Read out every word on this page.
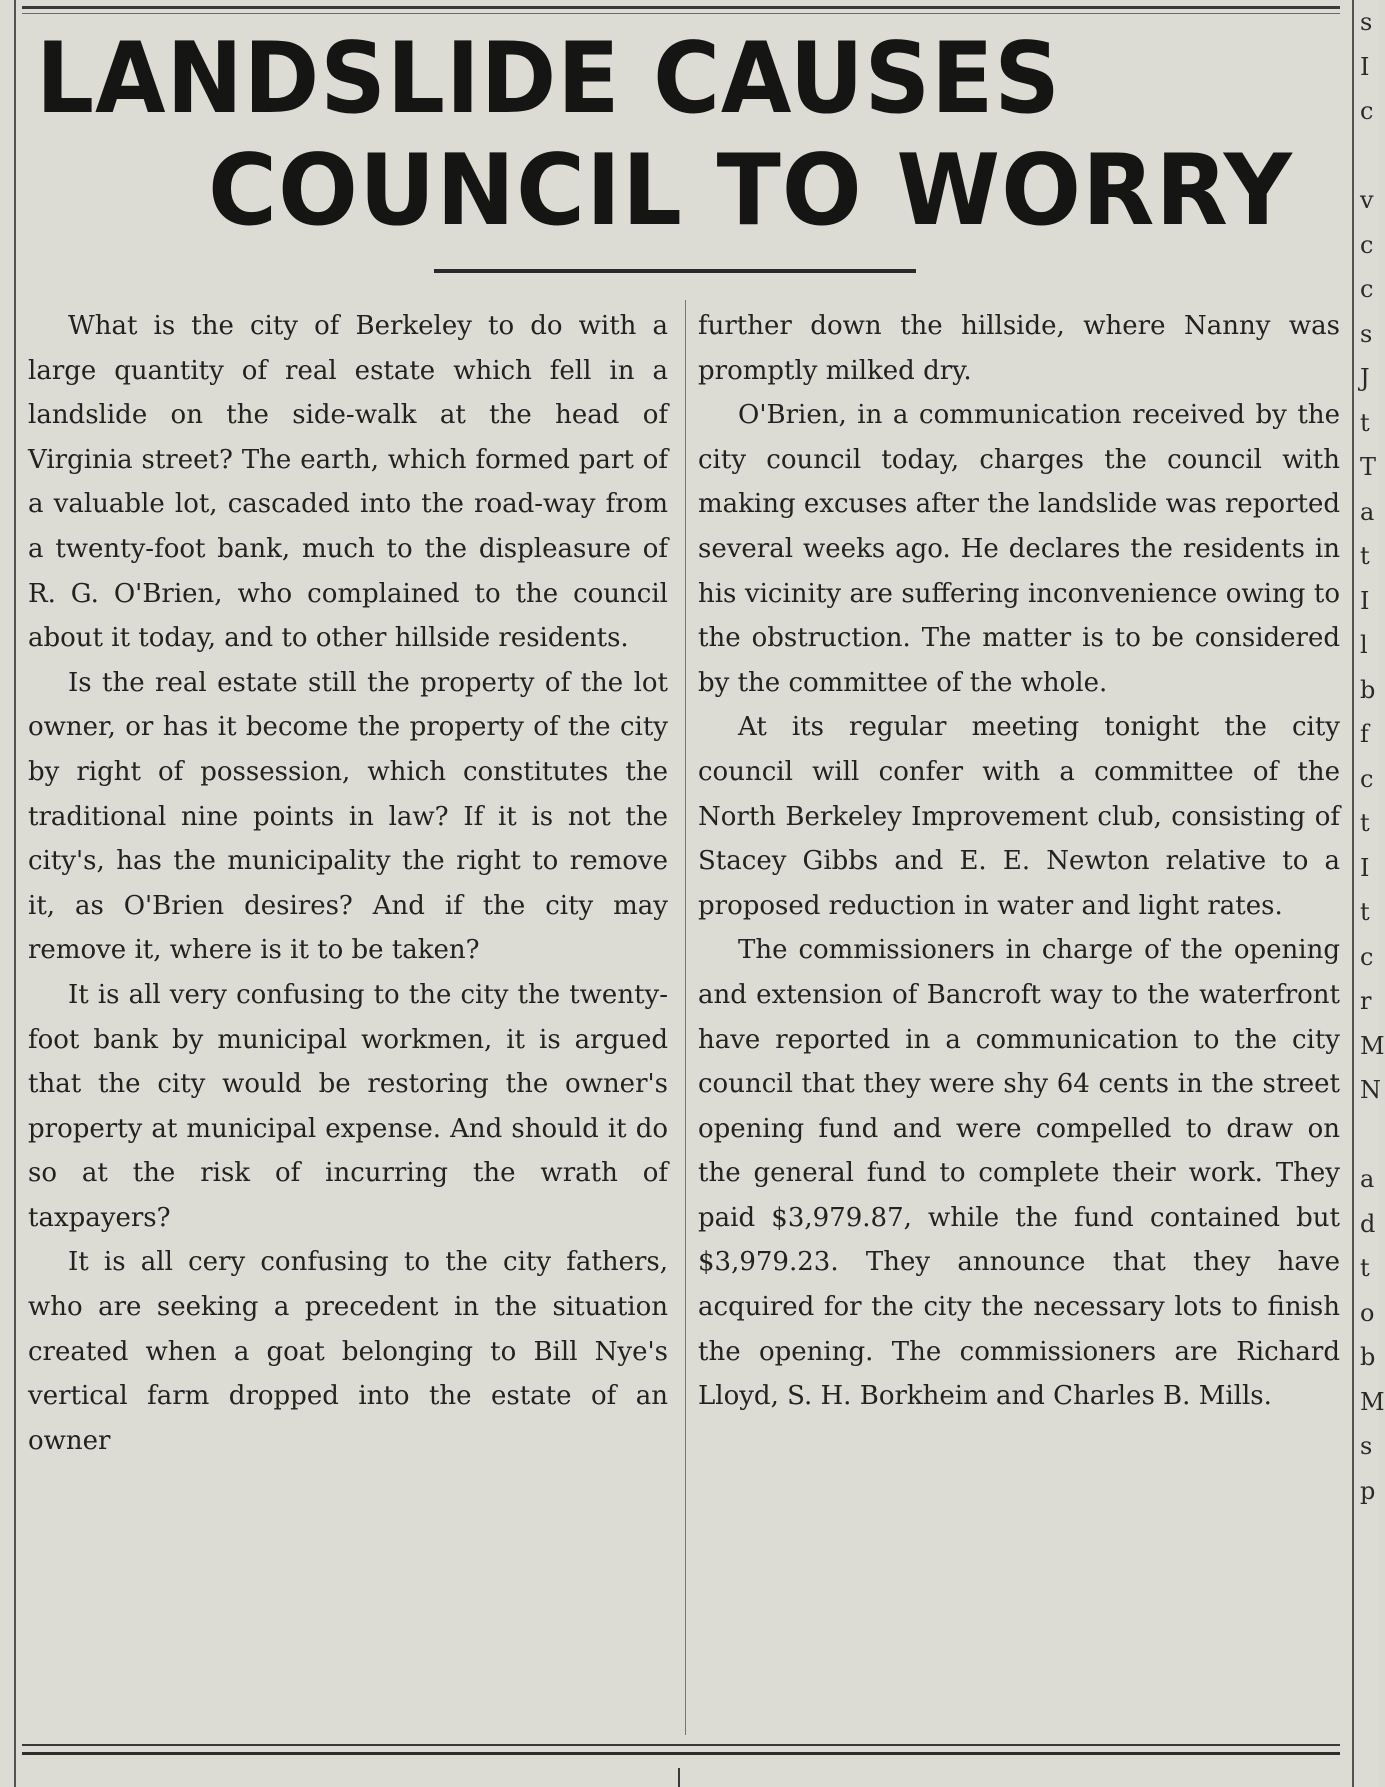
s
I
c

v
c
c
s
J
t
T
a
t
I
l
b
f
c
t
I
t
c
r
M
N

a
d
t
o
b
M
s
p
LANDSLIDE CAUSES
COUNCIL TO WORRY

What is the city of Berkeley to do with a large quantity of real estate which fell in a landslide on the side-walk at the head of Virginia street? The earth, which formed part of a valuable lot, cascaded into the road-way from a twenty-foot bank, much to the displeasure of R. G. O'Brien, who complained to the council about it today, and to other hillside residents.

Is the real estate still the property of the lot owner, or has it become the property of the city by right of possession, which constitutes the traditional nine points in law? If it is not the city's, has the municipality the right to remove it, as O'Brien desires? And if the city may remove it, where is it to be taken?

It is all very confusing to the city the twenty-foot bank by municipal workmen, it is argued that the city would be restoring the owner's property at municipal expense. And should it do so at the risk of incurring the wrath of taxpayers?

It is all cery confusing to the city fathers, who are seeking a precedent in the situation created when a goat belonging to Bill Nye's vertical farm dropped into the estate of an owner

further down the hillside, where Nanny was promptly milked dry.

O'Brien, in a communication received by the city council today, charges the council with making excuses after the landslide was reported several weeks ago. He declares the residents in his vicinity are suffering inconvenience owing to the obstruction. The matter is to be considered by the committee of the whole.

At its regular meeting tonight the city council will confer with a committee of the North Berkeley Improvement club, consisting of Stacey Gibbs and E. E. Newton relative to a proposed reduction in water and light rates.

The commissioners in charge of the opening and extension of Bancroft way to the waterfront have reported in a communication to the city council that they were shy 64 cents in the street opening fund and were compelled to draw on the general fund to complete their work. They paid $3,979.87, while the fund contained but $3,979.23. They announce that they have acquired for the city the necessary lots to finish the opening. The commissioners are Richard Lloyd, S. H. Borkheim and Charles B. Mills.
